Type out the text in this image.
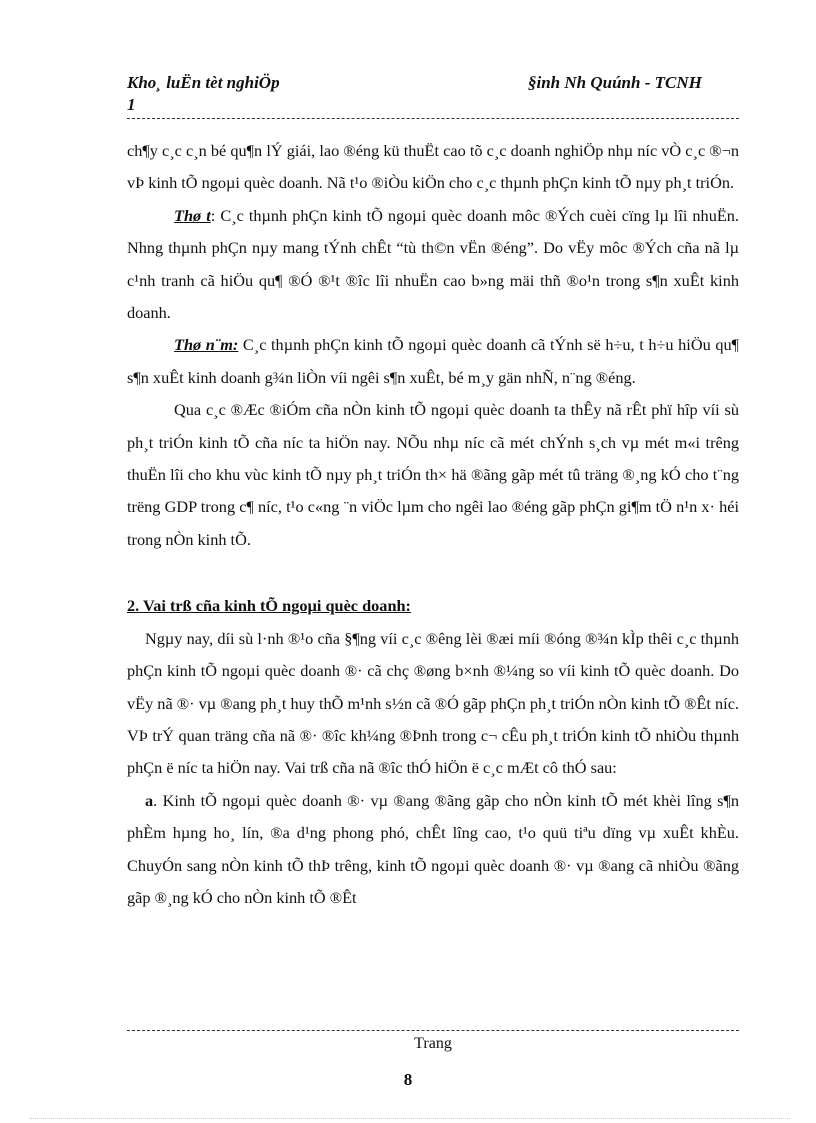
Kho¸ luËn tèt nghiÖp
1
§inh Nh Quúnh - TCNH

ch¶y c¸c c¸n bé qu¶n lÝ giái, lao ®éng kü thuËt cao tõ c¸c doanh nghiÖp nhµ níc vÒ c¸c ®¬n vÞ kinh tÕ ngoµi quèc doanh. Nã t¹o ®iÒu kiÖn cho c¸c thµnh phÇn kinh tÕ nµy ph¸t triÓn.

Thø t: C¸c thµnh phÇn kinh tÕ ngoµi quèc doanh môc ®Ých cuèi cïng lµ lîi nhuËn. Nhng thµnh phÇn nµy mang tÝnh chÊt “tù th©n vËn ®éng”. Do vËy môc ®Ých cña nã lµ c¹nh tranh cã hiÖu qu¶ ®Ó ®¹t ®îc lîi nhuËn cao b»ng mäi thñ ®o¹n trong s¶n xuÊt kinh doanh.

Thø n¨m: C¸c thµnh phÇn kinh tÕ ngoµi quèc doanh cã tÝnh së h÷u, t h÷u hiÖu qu¶ s¶n xuÊt kinh doanh g¾n liÒn víi ngêi s¶n xuÊt, bé m¸y gän nhÑ, n¨ng ®éng.

Qua c¸c ®Æc ®iÓm cña nÒn kinh tÕ ngoµi quèc doanh ta thÊy nã rÊt phï hîp víi sù ph¸t triÓn kinh tÕ cña níc ta hiÖn nay. NÕu nhµ níc cã mét chÝnh s¸ch vµ mét m«i trêng thuËn lîi cho khu vùc kinh tÕ nµy ph¸t triÓn th× hä ®ãng gãp mét tû träng ®¸ng kÓ cho t¨ng trëng GDP trong c¶ níc, t¹o c«ng ¨n viÖc lµm cho ngêi lao ®éng gãp phÇn gi¶m tÖ n¹n x· héi trong nÒn kinh tÕ.

2. Vai trß cña kinh tÕ ngoµi quèc doanh:

Ngµy nay, díi sù l·nh ®¹o cña §¶ng víi c¸c ®êng lèi ®æi míi ®óng ®¾n kÌp thêi c¸c thµnh phÇn kinh tÕ ngoµi quèc doanh ®· cã chç ®øng b×nh ®¼ng so víi kinh tÕ quèc doanh. Do vËy nã ®· vµ ®ang ph¸t huy thÕ m¹nh s½n cã ®Ó gãp phÇn ph¸t triÓn nÒn kinh tÕ ®Êt níc. VÞ trÝ quan träng cña nã ®· ®îc kh¼ng ®Þnh trong c¬ cÊu ph¸t triÓn kinh tÕ nhiÒu thµnh phÇn ë níc ta hiÖn nay. Vai trß cña nã ®îc thÓ hiÖn ë c¸c mÆt cô thÓ sau:

a. Kinh tÕ ngoµi quèc doanh ®· vµ ®ang ®ãng gãp cho nÒn kinh tÕ mét khèi lîng s¶n phÈm hµng ho¸ lín, ®a d¹ng phong phó, chÊt lîng cao, t¹o quü tiªu dïng vµ xuÊt khÈu. ChuyÓn sang nÒn kinh tÕ thÞ trêng, kinh tÕ ngoµi quèc doanh ®· vµ ®ang cã nhiÒu ®ãng gãp ®¸ng kÓ cho nÒn kinh tÕ ®Êt

Trang
8
